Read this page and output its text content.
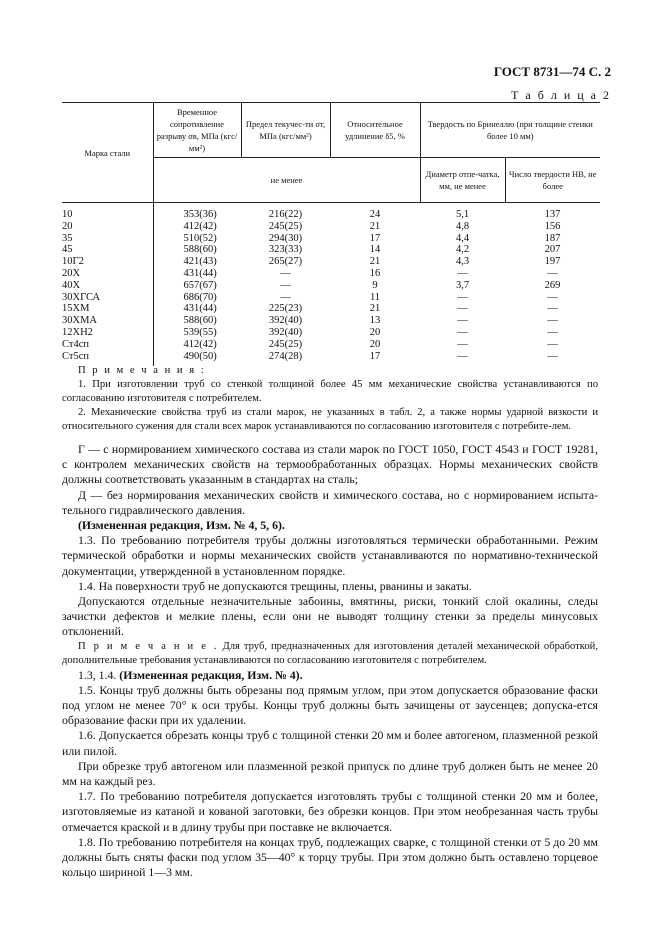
ГОСТ 8731—74 С. 2
Т а б л и ц а 2
Марка стали	Временное сопротивление разрыву σв, МПа (кгс/мм²)	Предел текучес-ти σт, МПа (кгс/мм²)	Относительное удлинение δ5, %	Твердость по Бринеллю (при толщине стенки более 10 мм)	
	не менее			Диаметр отпе-чатка, мм, не менее	Число твердости НВ, не более
10	353(36)	216(22)	24	5,1	137
20	412(42)	245(25)	21	4,8	156
35	510(52)	294(30)	17	4,4	187
45	588(60)	323(33)	14	4,2	207
10Г2	421(43)	265(27)	21	4,3	197
20Х	431(44)	—	16	—	—
40Х	657(67)	—	9	3,7	269
30ХГСА	686(70)	—	11	—	—
15ХМ	431(44)	225(23)	21	—	—
30ХМА	588(60)	392(40)	13	—	—
12ХН2	539(55)	392(40)	20	—	—
Ст4сп	412(42)	245(25)	20	—	—
Ст5сп	490(50)	274(28)	17	—	—

П р и м е ч а н и я :

1. При изготовлении труб со стенкой толщиной более 45 мм механические свойства устанавливаются по согласованию изготовителя с потребителем.

2. Механические свойства труб из стали марок, не указанных в табл. 2, а также нормы ударной вязкости и относительного сужения для стали всех марок устанавливаются по согласованию изготовителя с потребите-лем.

Г — с нормированием химического состава из стали марок по ГОСТ 1050, ГОСТ 4543 и ГОСТ 19281, с контролем механических свойств на термообработанных образцах. Нормы механических свойств должны соответствовать указанным в стандартах на сталь;

Д — без нормирования механических свойств и химического состава, но с нормированием испыта-тельного гидравлического давления.

(Измененная редакция, Изм. № 4, 5, 6).

1.3. По требованию потребителя трубы должны изготовляться термически обработанными. Режим термической обработки и нормы механических свойств устанавливаются по нормативно-технической документации, утвержденной в установленном порядке.

1.4. На поверхности труб не допускаются трещины, плены, рванины и закаты.

Допускаются отдельные незначительные забоины, вмятины, риски, тонкий слой окалины, следы зачистки дефектов и мелкие плены, если они не выводят толщину стенки за пределы минусовых отклонений.

П р и м е ч а н и е . Для труб, предназначенных для изготовления деталей механической обработкой, дополнительные требования устанавливаются по согласованию изготовителя с потребителем.

1.3, 1.4. (Измененная редакция, Изм. № 4).

1.5. Концы труб должны быть обрезаны под прямым углом, при этом допускается образование фаски под углом не менее 70° к оси трубы. Концы труб должны быть зачищены от заусенцев; допуска-ется образование фаски при их удалении.

1.6. Допускается обрезать концы труб с толщиной стенки 20 мм и более автогеном, плазменной резкой или пилой.

При обрезке труб автогеном или плазменной резкой припуск по длине труб должен быть не менее 20 мм на каждый рез.

1.7. По требованию потребителя допускается изготовлять трубы с толщиной стенки 20 мм и более, изготовляемые из катаной и кованой заготовки, без обрезки концов. При этом необрезанная часть трубы отмечается краской и в длину трубы при поставке не включается.

1.8. По требованию потребителя на концах труб, подлежащих сварке, с толщиной стенки от 5 до 20 мм должны быть сняты фаски под углом 35—40° к торцу трубы. При этом должно быть оставлено торцевое кольцо шириной 1—3 мм.
